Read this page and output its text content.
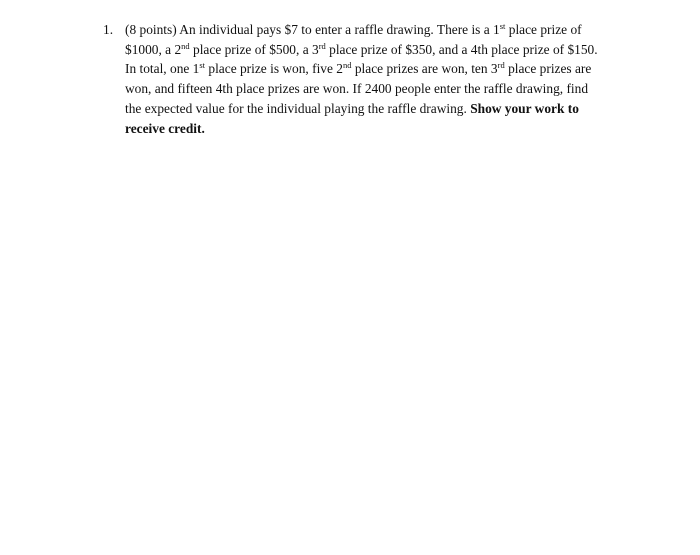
1. (8 points) An individual pays $7 to enter a raffle drawing. There is a 1st place prize of
$1000, a 2nd place prize of $500, a 3rd place prize of $350, and a 4th place prize of $150.
In total, one 1st place prize is won, five 2nd place prizes are won, ten 3rd place prizes are
won, and fifteen 4th place prizes are won. If 2400 people enter the raffle drawing, find
the expected value for the individual playing the raffle drawing. Show your work to
receive credit.
